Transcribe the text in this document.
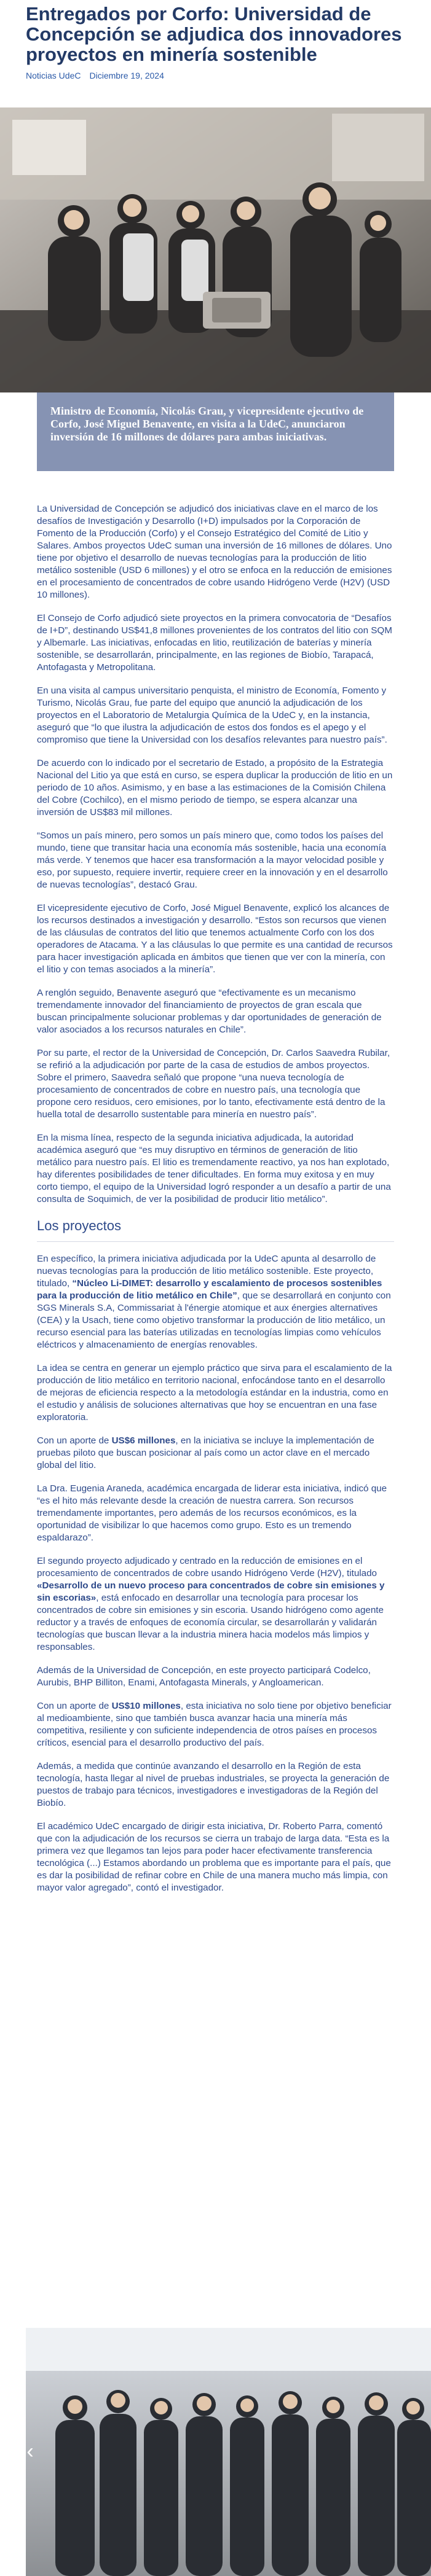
Entregados por Corfo: Universidad de Concepción se adjudica dos innovadores proyectos en minería sostenible
Noticias UdeC Diciembre 19, 2024

Ministro de Economía, Nicolás Grau, y vicepresidente ejecutivo de Corfo, José Miguel Benavente, en visita a la UdeC, anunciaron inversión de 16 millones de dólares para ambas iniciativas.

La Universidad de Concepción se adjudicó dos iniciativas clave en el marco de los desafíos de Investigación y Desarrollo (I+D) impulsados por la Corporación de Fomento de la Producción (Corfo) y el Consejo Estratégico del Comité de Litio y Salares. Ambos proyectos UdeC suman una inversión de 16 millones de dólares. Uno tiene por objetivo el desarrollo de nuevas tecnologías para la producción de litio metálico sostenible (USD 6 millones) y el otro se enfoca en la reducción de emisiones en el procesamiento de concentrados de cobre usando Hidrógeno Verde (H2V) (USD 10 millones).

El Consejo de Corfo adjudicó siete proyectos en la primera convocatoria de “Desafíos de I+D”, destinando US$41,8 millones provenientes de los contratos del litio con SQM y Albemarle. Las iniciativas, enfocadas en litio, reutilización de baterías y minería sostenible, se desarrollarán, principalmente, en las regiones de Biobío, Tarapacá, Antofagasta y Metropolitana.

En una visita al campus universitario penquista, el ministro de Economía, Fomento y Turismo, Nicolás Grau, fue parte del equipo que anunció la adjudicación de los proyectos en el Laboratorio de Metalurgia Química de la UdeC y, en la instancia, aseguró que “lo que ilustra la adjudicación de estos dos fondos es el apego y el compromiso que tiene la Universidad con los desafíos relevantes para nuestro país”.

De acuerdo con lo indicado por el secretario de Estado, a propósito de la Estrategia Nacional del Litio ya que está en curso, se espera duplicar la producción de litio en un periodo de 10 años. Asimismo, y en base a las estimaciones de la Comisión Chilena del Cobre (Cochilco), en el mismo periodo de tiempo, se espera alcanzar una inversión de US$83 mil millones.

“Somos un país minero, pero somos un país minero que, como todos los países del mundo, tiene que transitar hacia una economía más sostenible, hacia una economía más verde. Y tenemos que hacer esa transformación a la mayor velocidad posible y eso, por supuesto, requiere invertir, requiere creer en la innovación y en el desarrollo de nuevas tecnologías”, destacó Grau.

El vicepresidente ejecutivo de Corfo, José Miguel Benavente, explicó los alcances de los recursos destinados a investigación y desarrollo. “Estos son recursos que vienen de las cláusulas de contratos del litio que tenemos actualmente Corfo con los dos operadores de Atacama. Y a las cláusulas lo que permite es una cantidad de recursos para hacer investigación aplicada en ámbitos que tienen que ver con la minería, con el litio y con temas asociados a la minería”.

A renglón seguido, Benavente aseguró que “efectivamente es un mecanismo tremendamente innovador del financiamiento de proyectos de gran escala que buscan principalmente solucionar problemas y dar oportunidades de generación de valor asociados a los recursos naturales en Chile”.

Por su parte, el rector de la Universidad de Concepción, Dr. Carlos Saavedra Rubilar, se refirió a la adjudicación por parte de la casa de estudios de ambos proyectos. Sobre el primero, Saavedra señaló que propone “una nueva tecnología de procesamiento de concentrados de cobre en nuestro país, una tecnología que propone cero residuos, cero emisiones, por lo tanto, efectivamente está dentro de la huella total de desarrollo sustentable para minería en nuestro país”.

En la misma línea, respecto de la segunda iniciativa adjudicada, la autoridad académica aseguró que “es muy disruptivo en términos de generación de litio metálico para nuestro país. El litio es tremendamente reactivo, ya nos han explotado, hay diferentes posibilidades de tener dificultades. En forma muy exitosa y en muy corto tiempo, el equipo de la Universidad logró responder a un desafío a partir de una consulta de Soquimich, de ver la posibilidad de producir litio metálico”.

Los proyectos

En específico, la primera iniciativa adjudicada por la UdeC apunta al desarrollo de nuevas tecnologías para la producción de litio metálico sostenible. Este proyecto, titulado, “Núcleo Li-DIMET: desarrollo y escalamiento de procesos sostenibles para la producción de litio metálico en Chile”, que se desarrollará en conjunto con SGS Minerals S.A, Commissariat à l'énergie atomique et aux énergies alternatives (CEA) y la Usach, tiene como objetivo transformar la producción de litio metálico, un recurso esencial para las baterías utilizadas en tecnologías limpias como vehículos eléctricos y almacenamiento de energías renovables.

La idea se centra en generar un ejemplo práctico que sirva para el escalamiento de la producción de litio metálico en territorio nacional, enfocándose tanto en el desarrollo de mejoras de eficiencia respecto a la metodología estándar en la industria, como en el estudio y análisis de soluciones alternativas que hoy se encuentran en una fase exploratoria.

Con un aporte de US$6 millones, en la iniciativa se incluye la implementación de pruebas piloto que buscan posicionar al país como un actor clave en el mercado global del litio.

La Dra. Eugenia Araneda, académica encargada de liderar esta iniciativa, indicó que “es el hito más relevante desde la creación de nuestra carrera. Son recursos tremendamente importantes, pero además de los recursos económicos, es la oportunidad de visibilizar lo que hacemos como grupo. Esto es un tremendo espaldarazo”.

El segundo proyecto adjudicado y centrado en la reducción de emisiones en el procesamiento de concentrados de cobre usando Hidrógeno Verde (H2V), titulado «Desarrollo de un nuevo proceso para concentrados de cobre sin emisiones y sin escorias», está enfocado en desarrollar una tecnología para procesar los concentrados de cobre sin emisiones y sin escoria. Usando hidrógeno como agente reductor y a través de enfoques de economía circular, se desarrollarán y validarán tecnologías que buscan llevar a la industria minera hacia modelos más limpios y responsables.

Además de la Universidad de Concepción, en este proyecto participará Codelco, Aurubis, BHP Billiton, Enami, Antofagasta Minerals, y Angloamerican.

Con un aporte de US$10 millones, esta iniciativa no solo tiene por objetivo beneficiar al medioambiente, sino que también busca avanzar hacia una minería más competitiva, resiliente y con suficiente independencia de otros países en procesos críticos, esencial para el desarrollo productivo del país.

Además, a medida que continúe avanzando el desarrollo en la Región de esta tecnología, hasta llegar al nivel de pruebas industriales, se proyecta la generación de puestos de trabajo para técnicos, investigadores e investigadoras de la Región del Biobío.

El académico UdeC encargado de dirigir esta iniciativa, Dr. Roberto Parra, comentó que con la adjudicación de los recursos se cierra un trabajo de larga data. “Esta es la primera vez que llegamos tan lejos para poder hacer efectivamente transferencia tecnológica (...) Estamos abordando un problema que es importante para el país, que es dar la posibilidad de refinar cobre en Chile de una manera mucho más limpia, con mayor valor agregado”, contó el investigador.

‹
